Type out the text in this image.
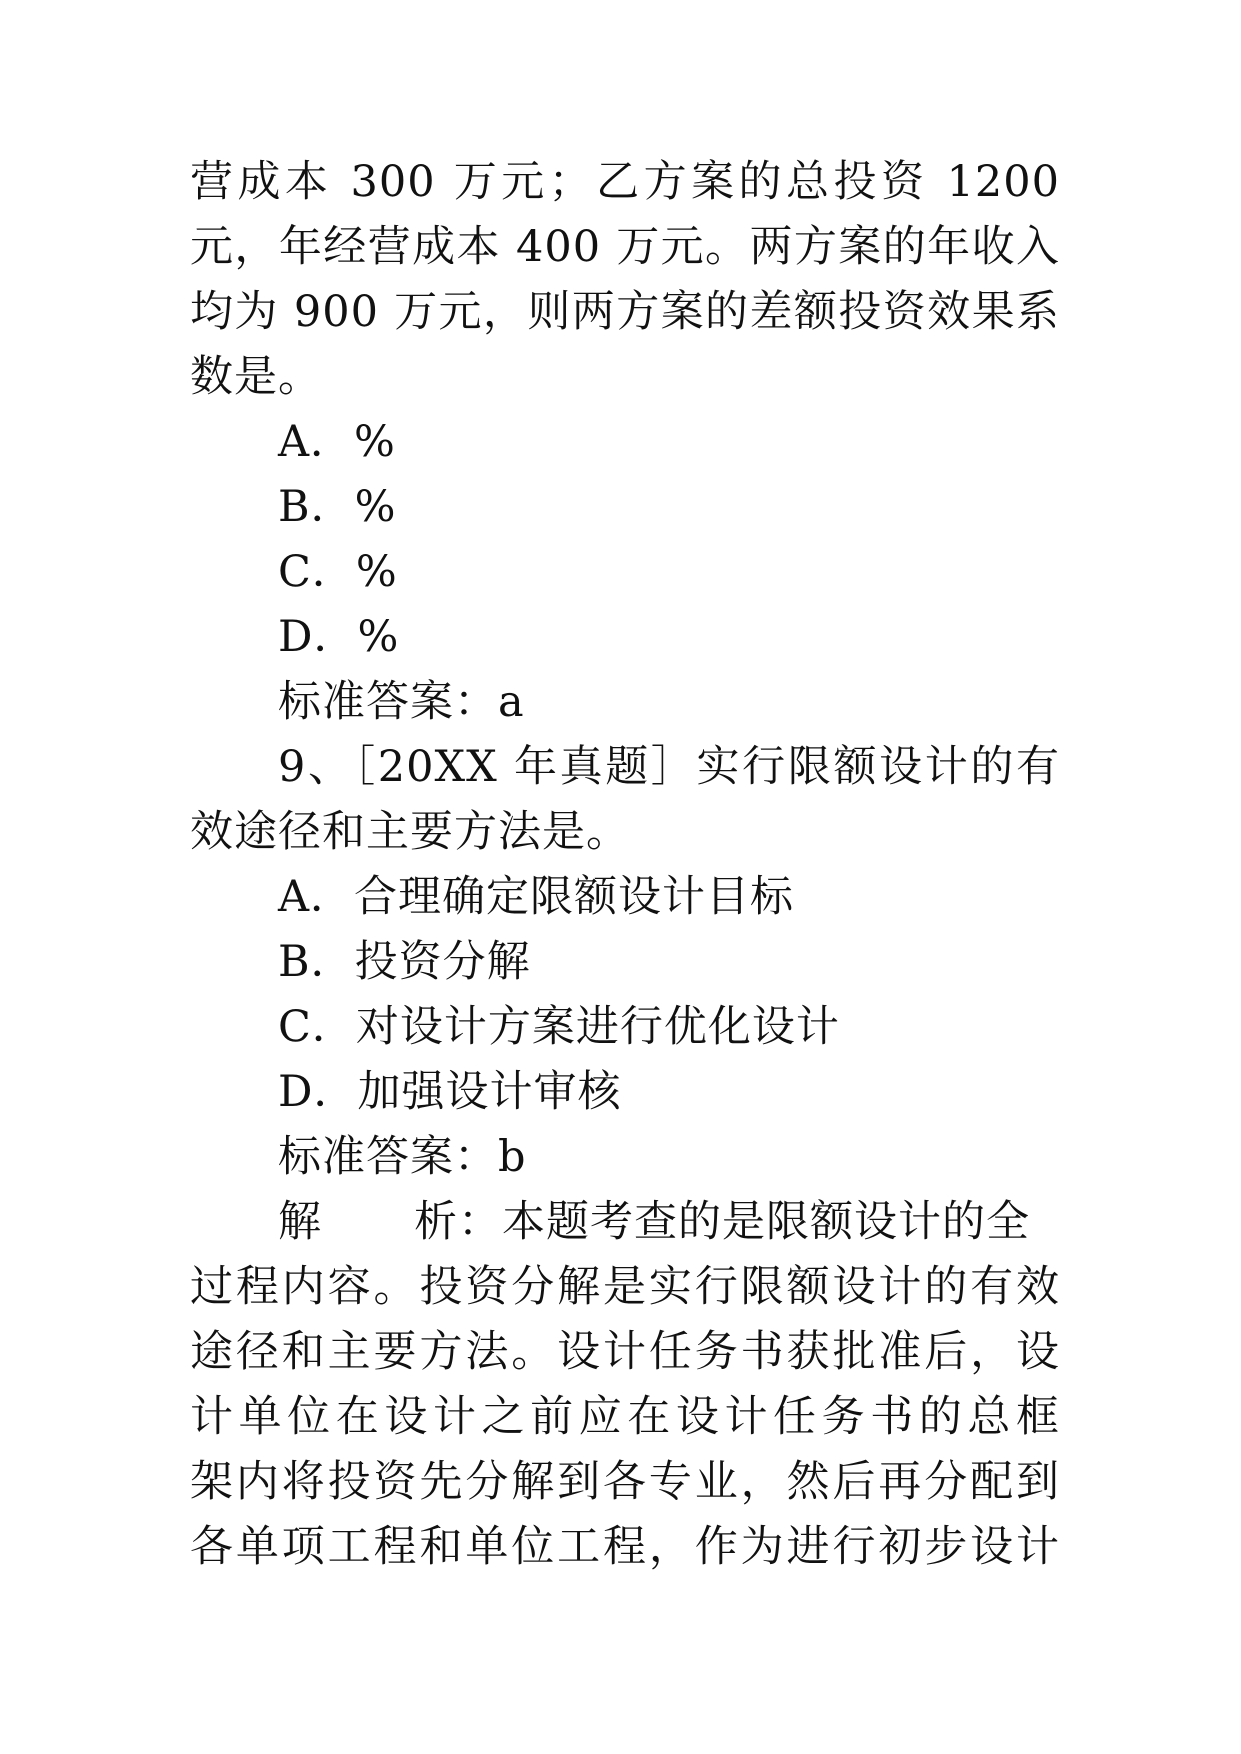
营成本 300 万元；乙方案的总投资 1200
元，年经营成本 400 万元。两方案的年收入
均为 900 万元，则两方案的差额投资效果系
数是。
A．%
B．%
C．%
D．%
标准答案：a
9、［20XX 年真题］实行限额设计的有
效途径和主要方法是。
A．合理确定限额设计目标
B．投资分解
C．对设计方案进行优化设计
D．加强设计审核
标准答案：b
解 析：本题考查的是限额设计的全
过程内容。投资分解是实行限额设计的有效
途径和主要方法。设计任务书获批准后，设
计单位在设计之前应在设计任务书的总框
架内将投资先分解到各专业，然后再分配到
各单项工程和单位工程，作为进行初步设计
